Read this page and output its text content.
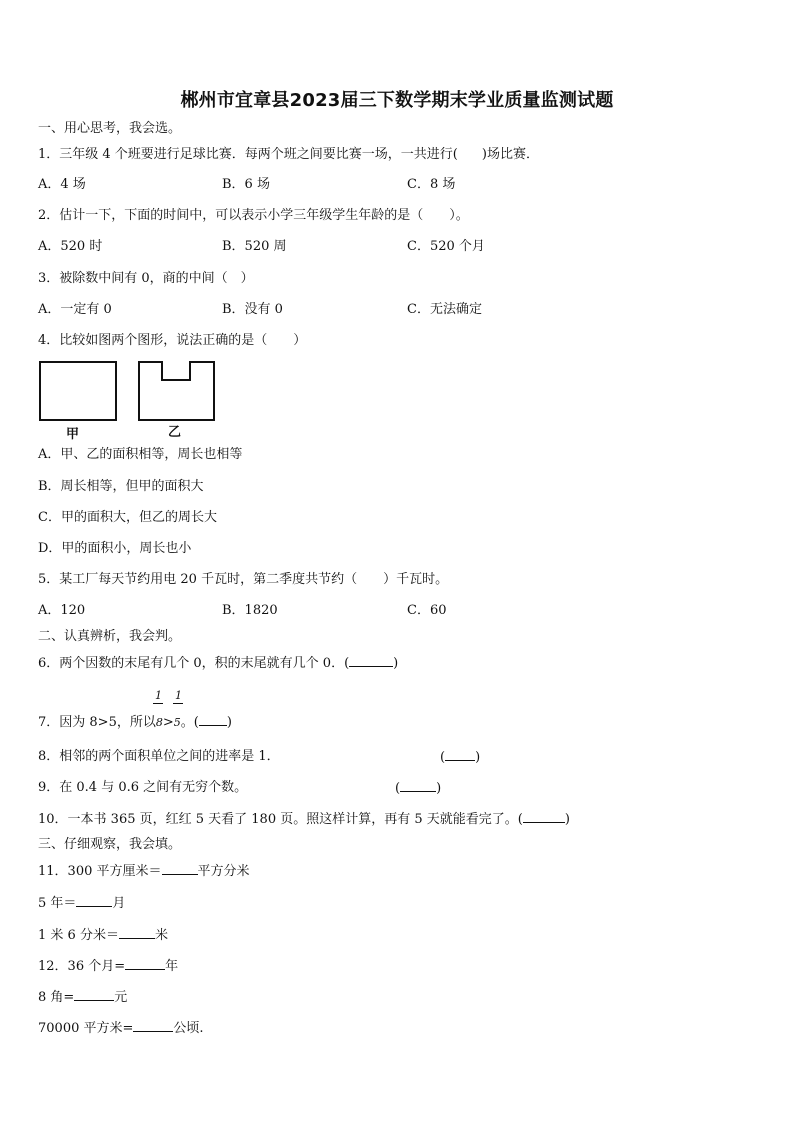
郴州市宜章县2023届三下数学期末学业质量监测试题
一、用心思考，我会选。
1．三年级 4 个班要进行足球比赛．每两个班之间要比赛一场，一共进行( )场比赛．
A．4 场	B．6 场	C．8 场
2．估计一下，下面的时间中，可以表示小学三年级学生年龄的是（　　）。
A．520 时	B．520 周	C．520 个月
3．被除数中间有 0，商的中间（　）
A．一定有 0	B．没有 0	C．无法确定
4．比较如图两个图形，说法正确的是（　　）
甲	乙
A．甲、乙的面积相等，周长也相等
B．周长相等，但甲的面积大
C．甲的面积大，但乙的周长大
D．甲的面积小，周长也小
5．某工厂每天节约用电 20 千瓦时，第二季度共节约（　　）千瓦时。
A．120	B．1820	C．60
二、认真辨析，我会判。
6．两个因数的末尾有几个 0，积的末尾就有几个 0．(	)
1 1
7．因为 8>5，所以8>5。( )
8．相邻的两个面积单位之间的进率是 1．	( )
9．在 0.4 与 0.6 之间有无穷个数。	(	)
10．一本书 365 页，红红 5 天看了 180 页。照这样计算，再有 5 天就能看完了。(	)
三、仔细观察，我会填。
11．300 平方厘米＝	平方分米
5 年＝	月
1 米 6 分米＝	米
12．36 个月=	年
8 角=	元
70000 平方米=	公顷.
